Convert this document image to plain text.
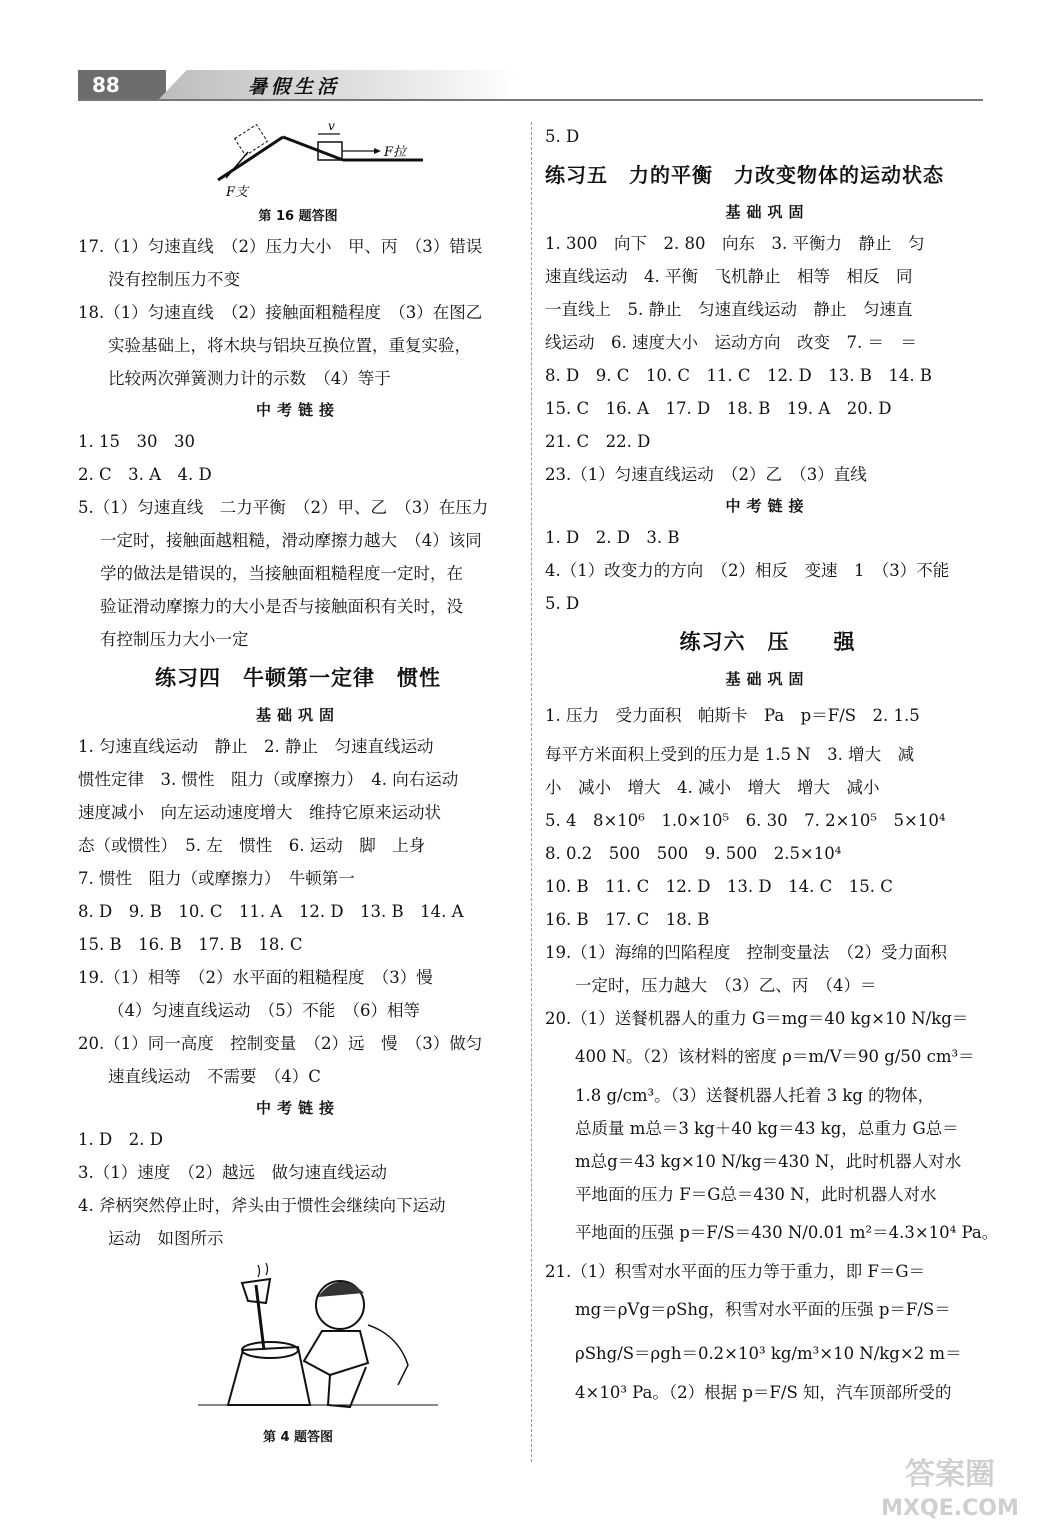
88	暑假生活
v
F拉
F支
第 16 题答图

17.（1）匀速直线　（2）压力大小　甲、丙　（3）错误

没有控制压力不变

18.（1）匀速直线　（2）接触面粗糙程度　（3）在图乙

实验基础上，将木块与铝块互换位置，重复实验，

比较两次弹簧测力计的示数　（4）等于

中考链接

1. 15　30　30

2. C　3. A　4. D

5.（1）匀速直线　二力平衡　（2）甲、乙　（3）在压力

一定时，接触面越粗糙，滑动摩擦力越大　（4）该同

学的做法是错误的，当接触面粗糙程度一定时，在

验证滑动摩擦力的大小是否与接触面积有关时，没

有控制压力大小一定

练习四　牛顿第一定律　惯性
基础巩固

1. 匀速直线运动　静止　2. 静止　匀速直线运动

惯性定律　3. 惯性　阻力（或摩擦力）　4. 向右运动

速度减小　向左运动速度增大　维持它原来运动状

态（或惯性）　5. 左　惯性　6. 运动　脚　上身

7. 惯性　阻力（或摩擦力）　牛顿第一

8. D　9. B　10. C　11. A　12. D　13. B　14. A

15. B　16. B　17. B　18. C

19.（1）相等　（2）水平面的粗糙程度　（3）慢

（4）匀速直线运动　（5）不能　（6）相等

20.（1）同一高度　控制变量　（2）远　慢　（3）做匀

速直线运动　不需要　（4）C

中考链接

1. D　2. D

3.（1）速度　（2）越远　做匀速直线运动

4. 斧柄突然停止时，斧头由于惯性会继续向下运动

运动　如图所示

第 4 题答图

5. D

练习五　力的平衡　力改变物体的运动状态
基础巩固

1. 300　向下　2. 80　向东　3. 平衡力　静止　匀

速直线运动　4. 平衡　飞机静止　相等　相反　同

一直线上　5. 静止　匀速直线运动　静止　匀速直

线运动　6. 速度大小　运动方向　改变　7. ＝　＝

8. D　9. C　10. C　11. C　12. D　13. B　14. B

15. C　16. A　17. D　18. B　19. A　20. D

21. C　22. D

23.（1）匀速直线运动　（2）乙　（3）直线

中考链接

1. D　2. D　3. B

4.（1）改变力的方向　（2）相反　变速　1　（3）不能

5. D

练习六　压　　强
基础巩固

1. 压力　受力面积　帕斯卡　Pa　p＝F/S　2. 1.5

每平方米面积上受到的压力是 1.5 N　3. 增大　减

小　减小　增大　4. 减小　增大　增大　减小

5. 4　8×10⁶　1.0×10⁵　6. 30　7. 2×10⁵　5×10⁴

8. 0.2　500　500　9. 500　2.5×10⁴

10. B　11. C　12. D　13. D　14. C　15. C

16. B　17. C　18. B

19.（1）海绵的凹陷程度　控制变量法　（2）受力面积

一定时，压力越大　（3）乙、丙　（4）＝

20.（1）送餐机器人的重力 G＝mg＝40 kg×10 N/kg＝

400 N。（2）该材料的密度 ρ＝m/V＝90 g/50 cm³＝

1.8 g/cm³。（3）送餐机器人托着 3 kg 的物体，

总质量 m总＝3 kg＋40 kg＝43 kg，总重力 G总＝

m总g＝43 kg×10 N/kg＝430 N，此时机器人对水

平地面的压力 F＝G总＝430 N，此时机器人对水

平地面的压强 p＝F/S＝430 N/0.01 m²＝4.3×10⁴ Pa。

21.（1）积雪对水平面的压力等于重力，即 F＝G＝

mg＝ρVg＝ρShg，积雪对水平面的压强 p＝F/S＝

ρShg/S＝ρgh＝0.2×10³ kg/m³×10 N/kg×2 m＝

4×10³ Pa。（2）根据 p＝F/S 知，汽车顶部所受的

答案圈
MXQE.COM
